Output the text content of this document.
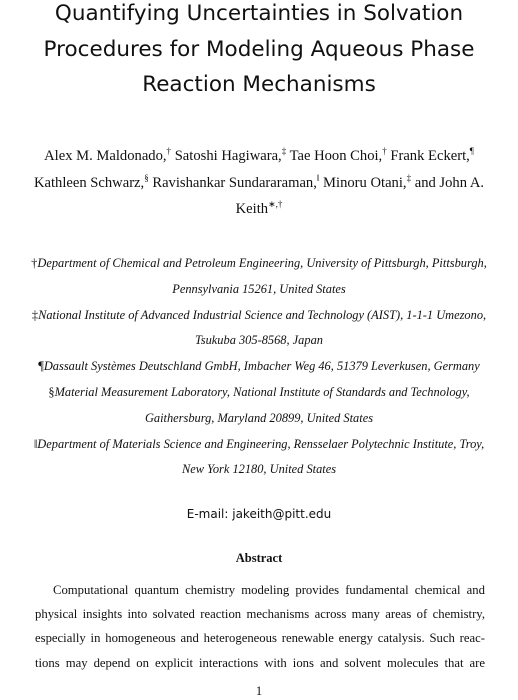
Quantifying Uncertainties in Solvation
Procedures for Modeling Aqueous Phase
Reaction Mechanisms
Alex M. Maldonado,† Satoshi Hagiwara,‡ Tae Hoon Choi,† Frank Eckert,¶
Kathleen Schwarz,§ Ravishankar Sundararaman,‖ Minoru Otani,‡ and John A.
Keith∗,†
†Department of Chemical and Petroleum Engineering, University of Pittsburgh, Pittsburgh,
Pennsylvania 15261, United States
‡National Institute of Advanced Industrial Science and Technology (AIST), 1-1-1 Umezono,
Tsukuba 305-8568, Japan
¶Dassault Systèmes Deutschland GmbH, Imbacher Weg 46, 51379 Leverkusen, Germany
§Material Measurement Laboratory, National Institute of Standards and Technology,
Gaithersburg, Maryland 20899, United States
‖Department of Materials Science and Engineering, Rensselaer Polytechnic Institute, Troy,
New York 12180, United States
E-mail: jakeith@pitt.edu
Abstract
Computational quantum chemistry modeling provides fundamental chemical and
physical insights into solvated reaction mechanisms across many areas of chemistry,
especially in homogeneous and heterogeneous renewable energy catalysis. Such reac-
tions may depend on explicit interactions with ions and solvent molecules that are
1
